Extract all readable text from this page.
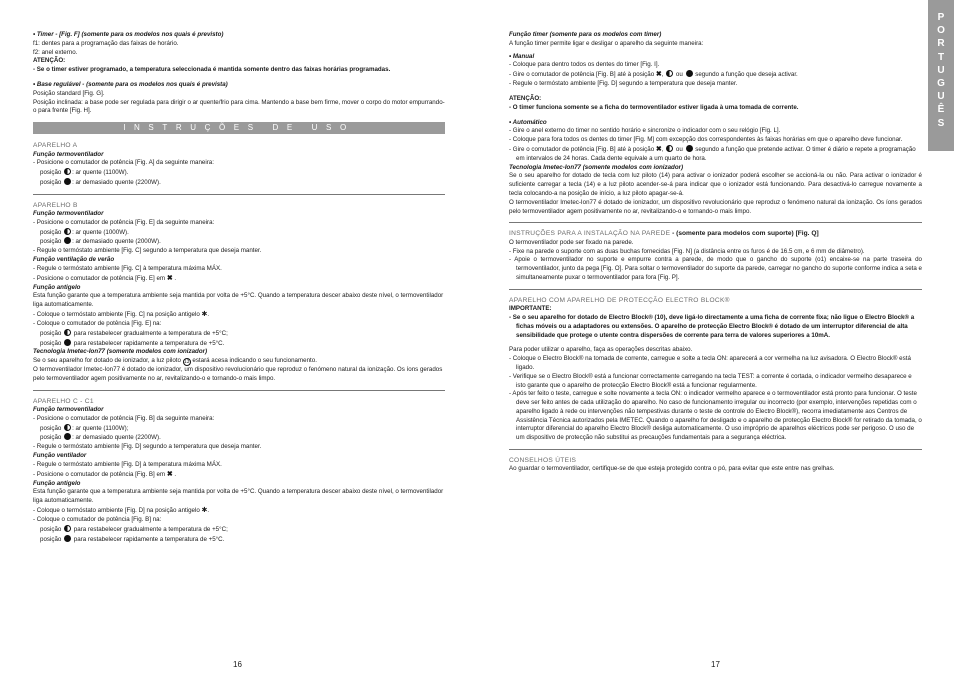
P
O
R
T
U
G
U
Ê
S

• Timer - [Fig. F] (somente para os modelos nos quais é previsto)

f1: dentes para a programação das faixas de horário.

f2: anel externo.

ATENÇÃO:

- Se o timer estiver programado, a temperatura seleccionada é mantida somente dentro das faixas horárias programadas.

• Base regulável - (somente para os modelos nos quais é prevista)

Posição standard [Fig. G].

Posição inclinada: a base pode ser regulada para dirigir o ar quente/frio para cima. Mantendo a base bem firme, mover o corpo do motor empurrando-o para frente [Fig. H].

INSTRUÇÕES DE USO

APARELHO A

Função termoventilador

- Posicione o comutador de potência [Fig. A] da seguinte maneira:

posição : ar quente (1100W).

posição : ar demasiado quente (2200W).

APARELHO B

Função termoventilador

- Posicione o comutador de potência [Fig. E] da seguinte maneira:

posição : ar quente (1000W).

posição : ar demasiado quente (2000W).

- Regule o termóstato ambiente [Fig. C] segundo a temperatura que deseja manter.

Função ventilação de verão

- Regule o termóstato ambiente [Fig. C] à temperatura máxima MÁX.

- Posicione o comutador de potência [Fig. E] em ✖ .

Função antigelo

Esta função garante que a temperatura ambiente seja mantida por volta de +5°C. Quando a temperatura descer abaixo deste nível, o termoventilador liga automaticamente.

- Coloque o termóstato ambiente [Fig. C] na posição antigelo ✱.

- Coloque o comutador de potência [Fig. E] na:

posição para restabelecer gradualmente a temperatura de +5°C;

posição para restabelecer rapidamente a temperatura de +5°C.

Tecnologia Imetec-Ion77 (somente modelos com ionizador)

Se o seu aparelho for dotado de ionizador, a luz piloto 13 estará acesa indicando o seu funcionamento.

O termoventilador Imetec-Ion77 é dotado de ionizador, um dispositivo revolucionário que reproduz o fenómeno natural da ionização. Os íons gerados pelo termoventilador agem positivamente no ar, revitalizando-o e tornando-o mais limpo.

APARELHO C - C1

Função termoventilador

- Posicione o comutador de potência [Fig. B] da seguinte maneira:

posição : ar quente (1100W);

posição : ar demasiado quente (2200W).

- Regule o termóstato ambiente [Fig. D] segundo a temperatura que deseja manter.

Função ventilador

- Regule o termóstato ambiente [Fig. D] à temperatura máxima MÁX.

- Posicione o comutador de potência [Fig. B] em ✖ .

Função antigelo

Esta função garante que a temperatura ambiente seja mantida por volta de +5°C. Quando a temperatura descer abaixo deste nível, o termoventilador liga automaticamente.

- Coloque o termóstato ambiente [Fig. D] na posição antigelo ✱.

- Coloque o comutador de potência [Fig. B] na:

posição para restabelecer gradualmente a temperatura de +5°C;

posição para restabelecer rapidamente a temperatura de +5°C.

Função timer (somente para os modelos com timer)

A função timer permite ligar e desligar o aparelho da seguinte maneira:

• Manual

- Coloque para dentro todos os dentes do timer [Fig. I].

- Gire o comutador de potência [Fig. B] até à posição ✖,  ou  segundo a função que deseja activar.

- Regule o termóstato ambiente [Fig. D] segundo a temperatura que deseja manter.

ATENÇÃO:

- O timer funciona somente se a ficha do termoventilador estiver ligada à uma tomada de corrente.

• Automático

- Gire o anel externo do timer no sentido horário e sincronize o indicador com o seu relógio [Fig. L].

- Coloque para fora todos os dentes do timer [Fig. M] com excepção dos correspondentes às faixas horárias em que o aparelho deve funcionar.

- Gire o comutador de potência [Fig. B] até à posição ✖,  ou  segundo a função que pretende activar. O timer é diário e repete a programação em intervalos de 24 horas. Cada dente equivale a um quarto de hora.

Tecnologia Imetec-Ion77 (somente modelos com ionizador)

Se o seu aparelho for dotado de tecla com luz piloto (14) para activar o ionizador poderá escolher se accioná-la ou não. Para activar o ionizador é suficiente carregar a tecla (14) e a luz piloto acender-se-á para indicar que o ionizador está funcionando. Para desactivá-lo carregue novamente a tecla colocando-a na posição de início, a luz piloto apagar-se-á.

O termoventilador Imetec-Ion77 é dotado de ionizador, um dispositivo revolucionário que reproduz o fenómeno natural da ionização. Os íons gerados pelo termoventilador agem positivamente no ar, revitalizando-o e tornando-o mais limpo.

INSTRUÇÕES PARA A INSTALAÇÃO NA PAREDE - (somente para modelos com suporte) [Fig. Q]

O termoventilador pode ser fixado na parede.

- Fixe na parede o suporte com as duas buchas fornecidas [Fig. N] (a distância entre os furos é de 16.5 cm, e 6 mm de diâmetro).

- Apoie o termoventilador no suporte e empurre contra a parede, de modo que o gancho do suporte (o1) encaixe-se na parte traseira do termoventilador, junto da pega [Fig. O]. Para soltar o termoventilador do suporte da parede, carregar no gancho do suporte conforme indica a seta e simultaneamente puxar o termoventilador para fora [Fig. P].

APARELHO COM APARELHO DE PROTECÇÃO ELECTRO BLOCK®

IMPORTANTE:

- Se o seu aparelho for dotado de Electro Block® (10), deve ligá-lo directamente a uma ficha de corrente fixa; não ligue o Electro Block® a fichas móveis ou a adaptadores ou extensões. O aparelho de protecção Electro Block® é dotado de um interruptor diferencial de alta sensibilidade que protege o utente contra dispersões de corrente para terra de valores superiores a 10mA.

Para poder utilizar o aparelho, faça as operações descritas abaixo.

- Coloque o Electro Block® na tomada de corrente, carregue e solte a tecla ON: aparecerá a cor vermelha na luz avisadora. O Electro Block® está ligado.

- Verifique se o Electro Block® está a funcionar correctamente carregando na tecla TEST: a corrente é cortada, o indicador vermelho desaparece e isto garante que o aparelho de protecção Electro Block® está a funcionar regularmente.

- Após ter feito o teste, carregue e solte novamente a tecla ON: o indicador vermelho aparece e o termoventilador está pronto para funcionar. O teste deve ser feito antes de cada utilização do aparelho. No caso de funcionamento irregular ou incorrecto (por exemplo, intervenções repetidas com o aparelho ligado à rede ou intervenções não tempestivas durante o teste de controle do Electro Block®), recorra imediatamente aos Centros de Assistência Técnica autorizados pela IMETEC. Quando o aparelho for desligado e o aparelho de protecção Electro Block® for retirado da tomada, o interruptor diferencial do aparelho Electro Block® desliga automaticamente. O uso impróprio de aparelhos eléctricos pode ser perigoso. O uso de um dispositivo de protecção não substitui as precauções fundamentais para a segurança eléctrica.

CONSELHOS ÚTEIS

Ao guardar o termoventilador, certifique-se de que esteja protegido contra o pó, para evitar que este entre nas grelhas.

16	17
